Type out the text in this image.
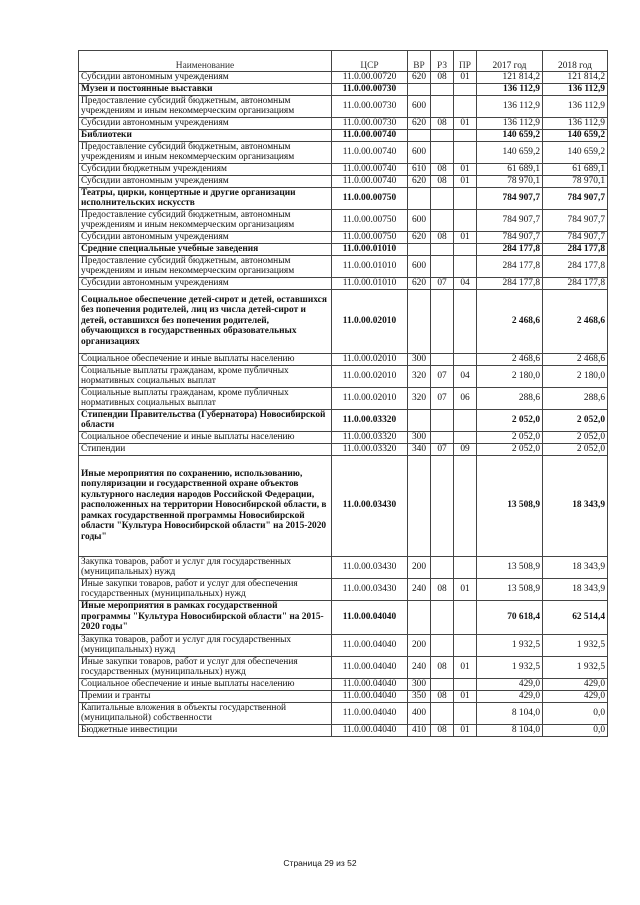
Наименование	ЦСР	ВР	РЗ	ПР	2017 год	2018 год
Субсидии автономным учреждениям	11.0.00.00720	620	08	01	121 814,2	121 814,2
Музеи и постоянные выставки	11.0.00.00730				136 112,9	136 112,9
Предоставление субсидий бюджетным, автономным учреждениям и иным некоммерческим организациям	11.0.00.00730	600			136 112,9	136 112,9
Субсидии автономным учреждениям	11.0.00.00730	620	08	01	136 112,9	136 112,9
Библиотеки	11.0.00.00740				140 659,2	140 659,2
Предоставление субсидий бюджетным, автономным учреждениям и иным некоммерческим организациям	11.0.00.00740	600			140 659,2	140 659,2
Субсидии бюджетным учреждениям	11.0.00.00740	610	08	01	61 689,1	61 689,1
Субсидии автономным учреждениям	11.0.00.00740	620	08	01	78 970,1	78 970,1
Театры, цирки, концертные и другие организации исполнительских искусств	11.0.00.00750				784 907,7	784 907,7
Предоставление субсидий бюджетным, автономным учреждениям и иным некоммерческим организациям	11.0.00.00750	600			784 907,7	784 907,7
Субсидии автономным учреждениям	11.0.00.00750	620	08	01	784 907,7	784 907,7
Средние специальные учебные заведения	11.0.00.01010				284 177,8	284 177,8
Предоставление субсидий бюджетным, автономным учреждениям и иным некоммерческим организациям	11.0.00.01010	600			284 177,8	284 177,8
Субсидии автономным учреждениям	11.0.00.01010	620	07	04	284 177,8	284 177,8
Социальное обеспечение детей-сирот и детей, оставшихся без попечения родителей, лиц из числа детей-сирот и детей, оставшихся без попечения родителей, обучающихся в государственных образовательных организациях	11.0.00.02010				2 468,6	2 468,6
Социальное обеспечение и иные выплаты населению	11.0.00.02010	300			2 468,6	2 468,6
Социальные выплаты гражданам, кроме публичных нормативных социальных выплат	11.0.00.02010	320	07	04	2 180,0	2 180,0
Социальные выплаты гражданам, кроме публичных нормативных социальных выплат	11.0.00.02010	320	07	06	288,6	288,6
Стипендии Правительства (Губернатора) Новосибирской области	11.0.00.03320				2 052,0	2 052,0
Социальное обеспечение и иные выплаты населению	11.0.00.03320	300			2 052,0	2 052,0
Стипендии	11.0.00.03320	340	07	09	2 052,0	2 052,0
Иные мероприятия по сохранению, использованию, популяризации и государственной охране объектов культурного наследия народов Российской Федерации, расположенных на территории Новосибирской области, в рамках государственной программы Новосибирской области "Культура Новосибирской области" на 2015-2020 годы"	11.0.00.03430				13 508,9	18 343,9
Закупка товаров, работ и услуг для государственных (муниципальных) нужд	11.0.00.03430	200			13 508,9	18 343,9
Иные закупки товаров, работ и услуг для обеспечения государственных (муниципальных) нужд	11.0.00.03430	240	08	01	13 508,9	18 343,9
Иные мероприятия в рамках государственной программы "Культура Новосибирской области" на 2015-2020 годы"	11.0.00.04040				70 618,4	62 514,4
Закупка товаров, работ и услуг для государственных (муниципальных) нужд	11.0.00.04040	200			1 932,5	1 932,5
Иные закупки товаров, работ и услуг для обеспечения государственных (муниципальных) нужд	11.0.00.04040	240	08	01	1 932,5	1 932,5
Социальное обеспечение и иные выплаты населению	11.0.00.04040	300			429,0	429,0
Премии и гранты	11.0.00.04040	350	08	01	429,0	429,0
Капитальные вложения в объекты государственной (муниципальной) собственности	11.0.00.04040	400			8 104,0	0,0
Бюджетные инвестиции	11.0.00.04040	410	08	01	8 104,0	0,0
Страница 29 из 52
